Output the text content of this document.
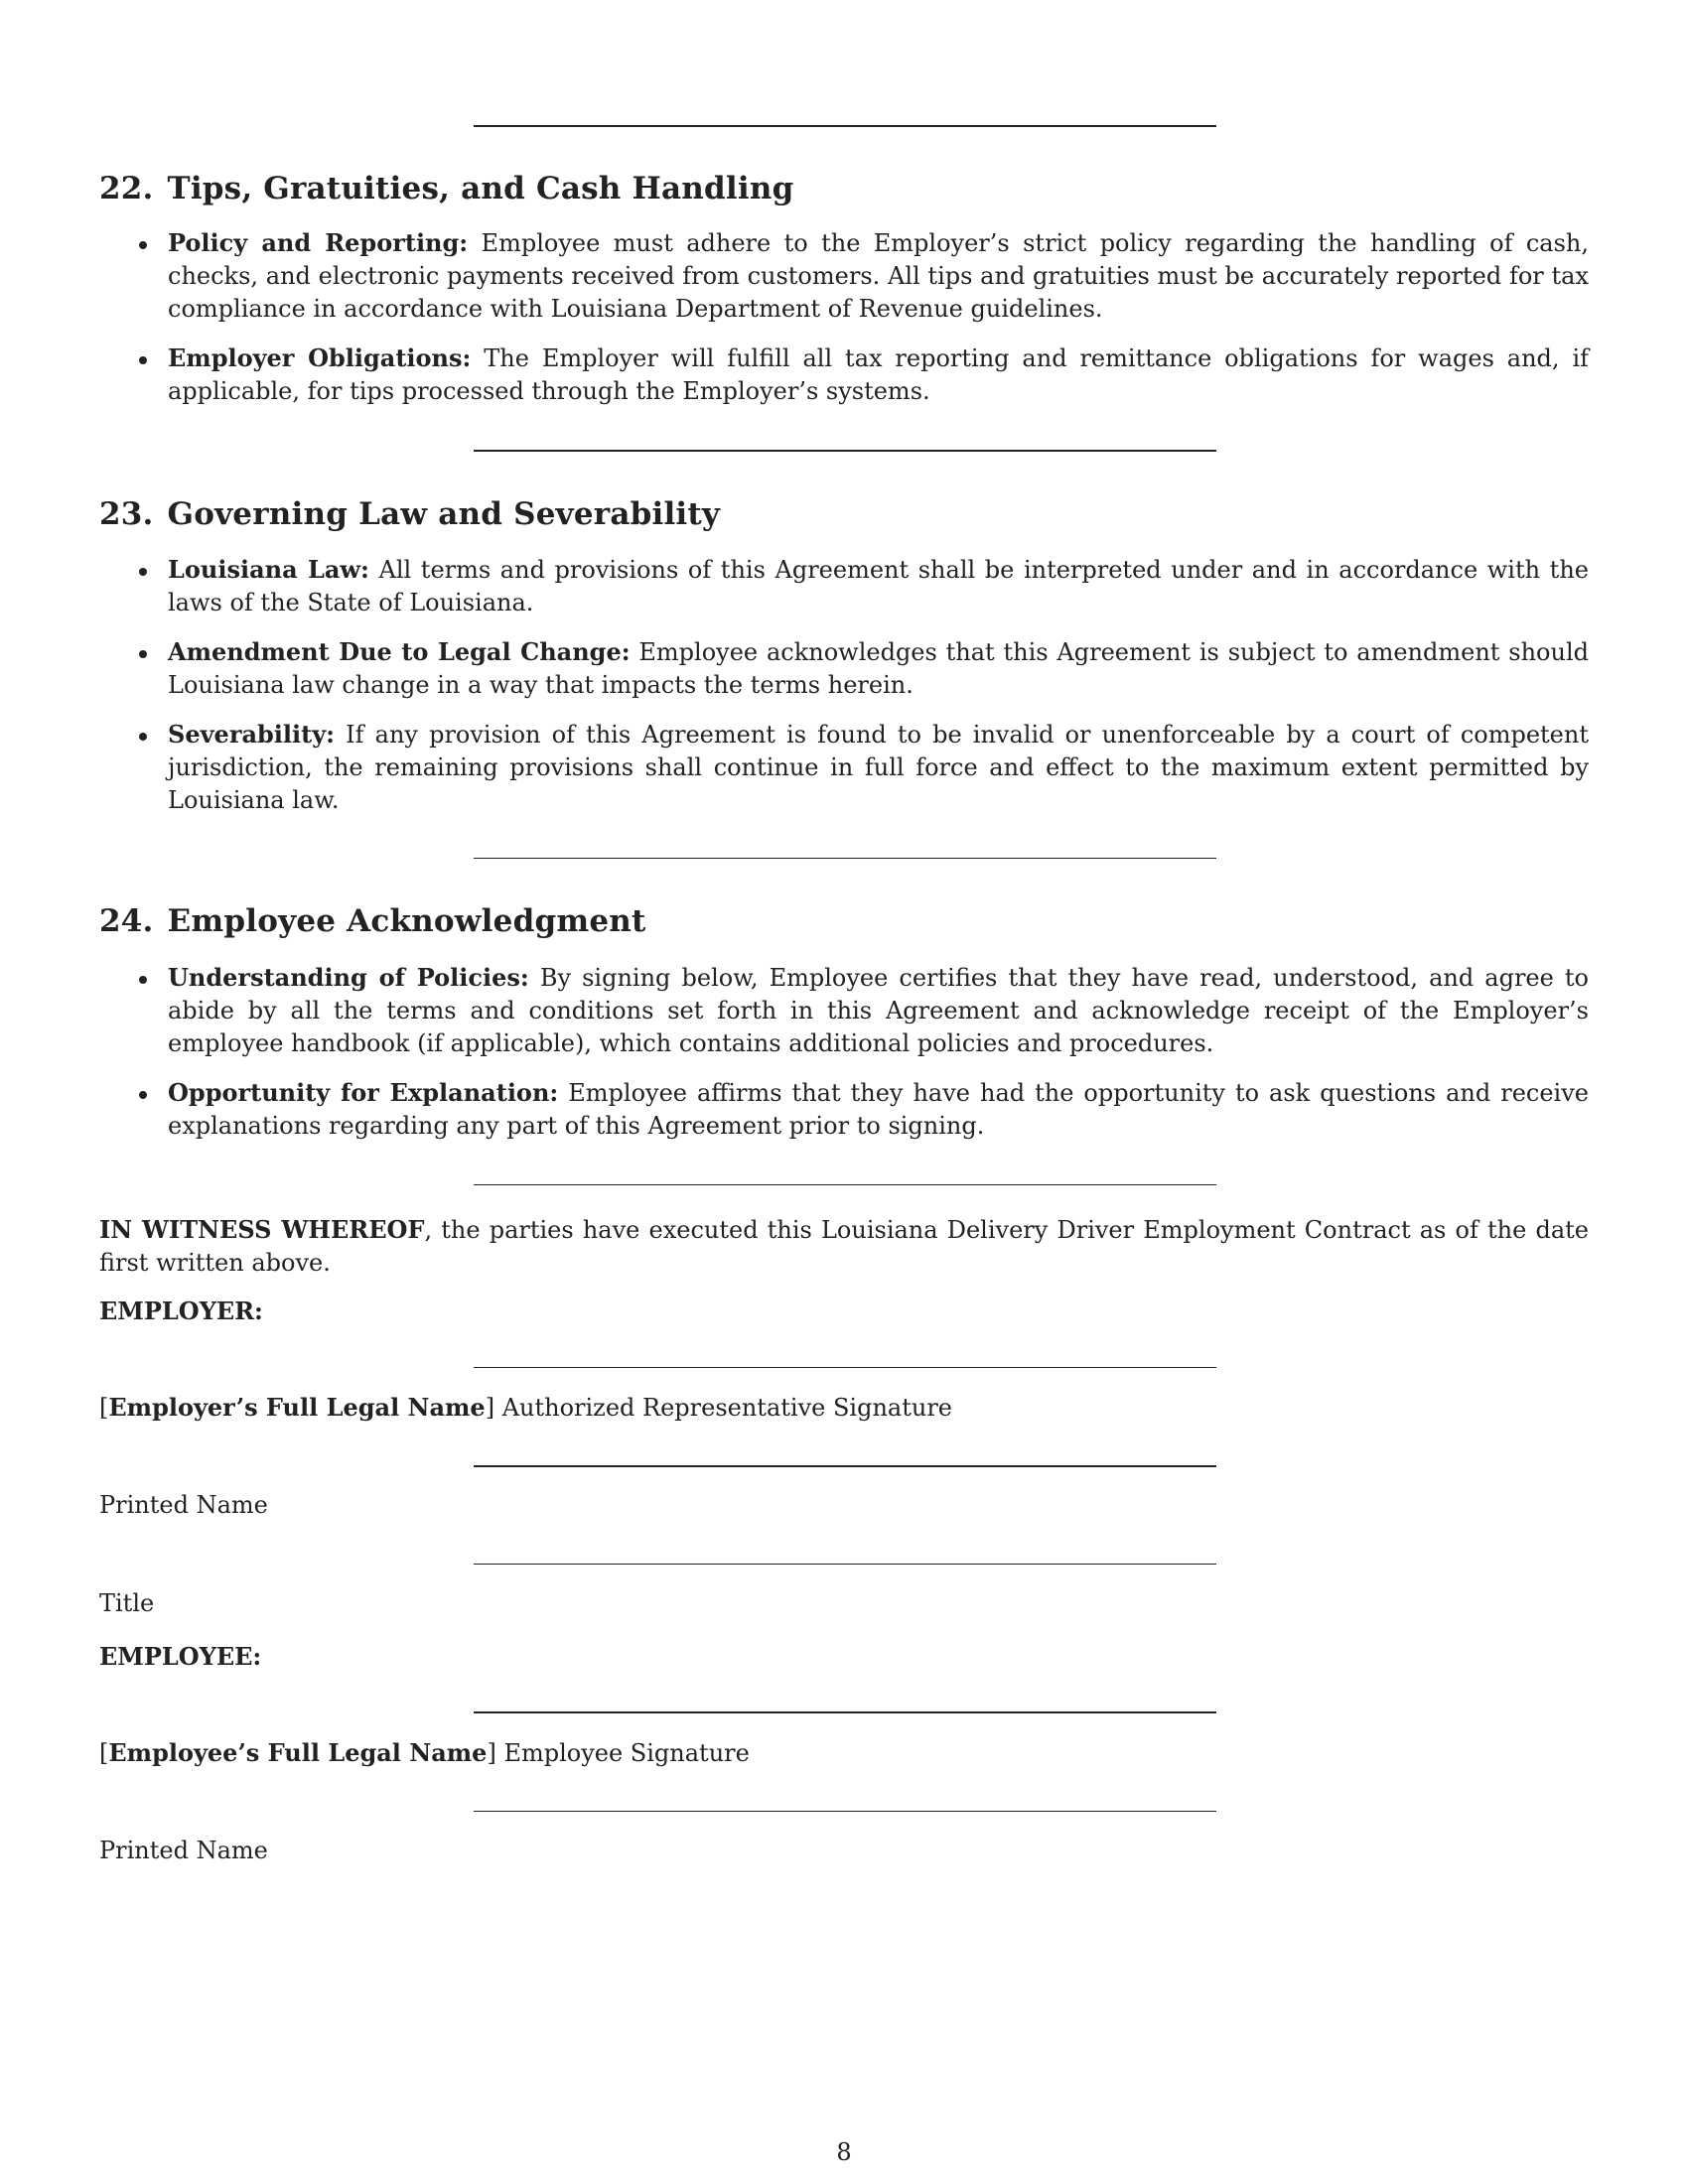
22. Tips, Gratuities, and Cash Handling
Policy and Reporting: Employee must adhere to the Employer’s strict policy regarding the handling of cash, checks, and electronic payments received from customers. All tips and gratuities must be accurately reported for tax compliance in accordance with Louisiana Department of Revenue guidelines.
Employer Obligations: The Employer will fulfill all tax reporting and remittance obligations for wages and, if applicable, for tips processed through the Employer’s systems.
23. Governing Law and Severability
Louisiana Law: All terms and provisions of this Agreement shall be interpreted under and in accordance with the laws of the State of Louisiana.
Amendment Due to Legal Change: Employee acknowledges that this Agreement is subject to amendment should Louisiana law change in a way that impacts the terms herein.
Severability: If any provision of this Agreement is found to be invalid or unenforceable by a court of competent jurisdiction, the remaining provisions shall continue in full force and effect to the maximum extent permitted by Louisiana law.
24. Employee Acknowledgment
Understanding of Policies: By signing below, Employee certifies that they have read, understood, and agree to abide by all the terms and conditions set forth in this Agreement and acknowledge receipt of the Employer’s employee handbook (if applicable), which contains additional policies and procedures.
Opportunity for Explanation: Employee affirms that they have had the opportunity to ask questions and receive explanations regarding any part of this Agreement prior to signing.

IN WITNESS WHEREOF, the parties have executed this Louisiana Delivery Driver Employment Contract as of the date first written above.

EMPLOYER:

[Employer’s Full Legal Name] Authorized Representative Signature

Printed Name

Title

EMPLOYEE:

[Employee’s Full Legal Name] Employee Signature

Printed Name

8
